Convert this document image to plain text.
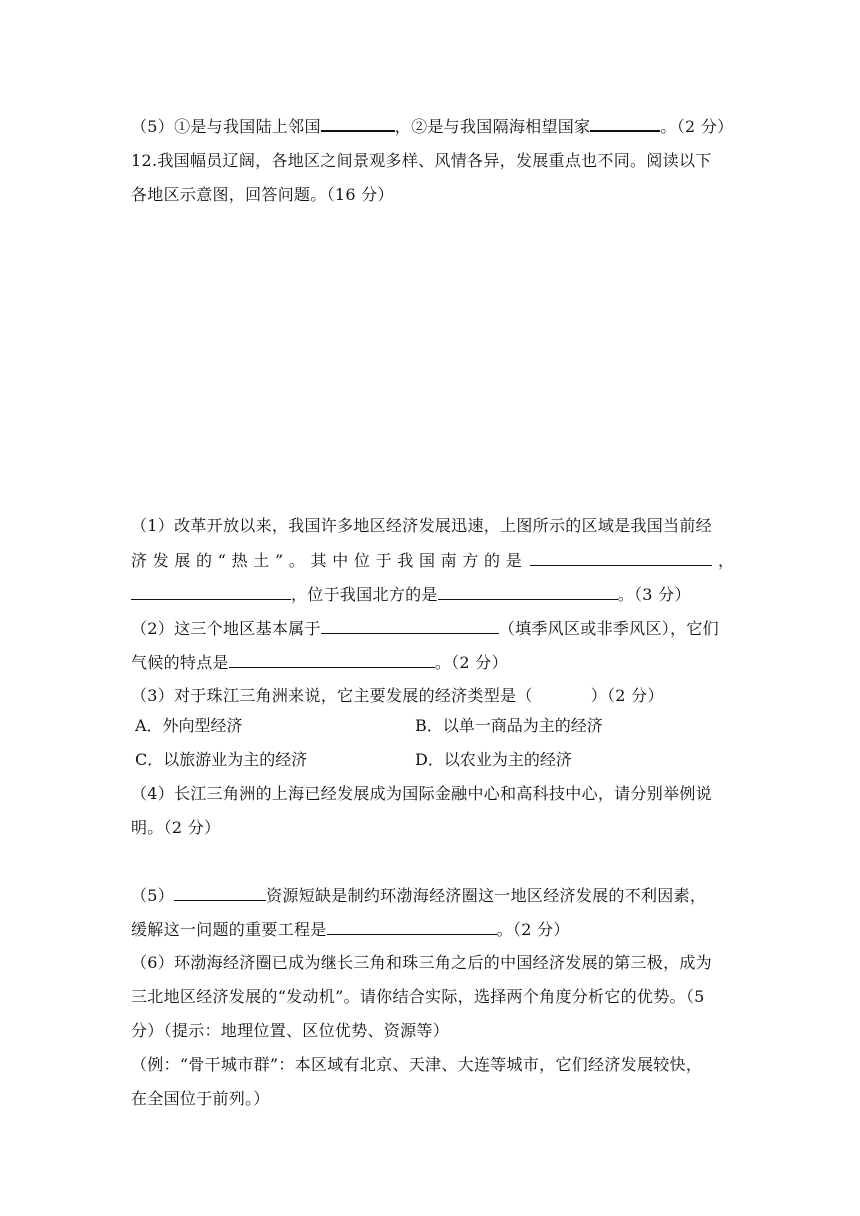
（5）①是与我国陆上邻国	，②是与我国隔海相望国家	。（2 分）
12.我国幅员辽阔，各地区之间景观多样、风情各异，发展重点也不同。阅读以下
各地区示意图，回答问题。（16 分）
（1）改革开放以来，我国许多地区经济发展迅速，上图所示的区域是我国当前经
济 发 展 的 “ 热 土 ” 。 其 中 位 于 我 国 南 方 的 是	，
，位于我国北方的是	。（3 分）
（2）这三个地区基本属于	（填季风区或非季风区），它们
气候的特点是	。（2 分）
（3）对于珠江三角洲来说，它主要发展的经济类型是（	）（2 分）
A．外向型经济	B．以单一商品为主的经济
C．以旅游业为主的经济	D．以农业为主的经济
（4）长江三角洲的上海已经发展成为国际金融中心和高科技中心，请分别举例说
明。（2 分）
（5）	资源短缺是制约环渤海经济圈这一地区经济发展的不利因素，
缓解这一问题的重要工程是	。（2 分）
（6）环渤海经济圈已成为继长三角和珠三角之后的中国经济发展的第三极，成为
三北地区经济发展的“发动机”。请你结合实际，选择两个角度分析它的优势。（5
分）（提示：地理位置、区位优势、资源等）
（例：“骨干城市群”：本区域有北京、天津、大连等城市，它们经济发展较快，
在全国位于前列。）
